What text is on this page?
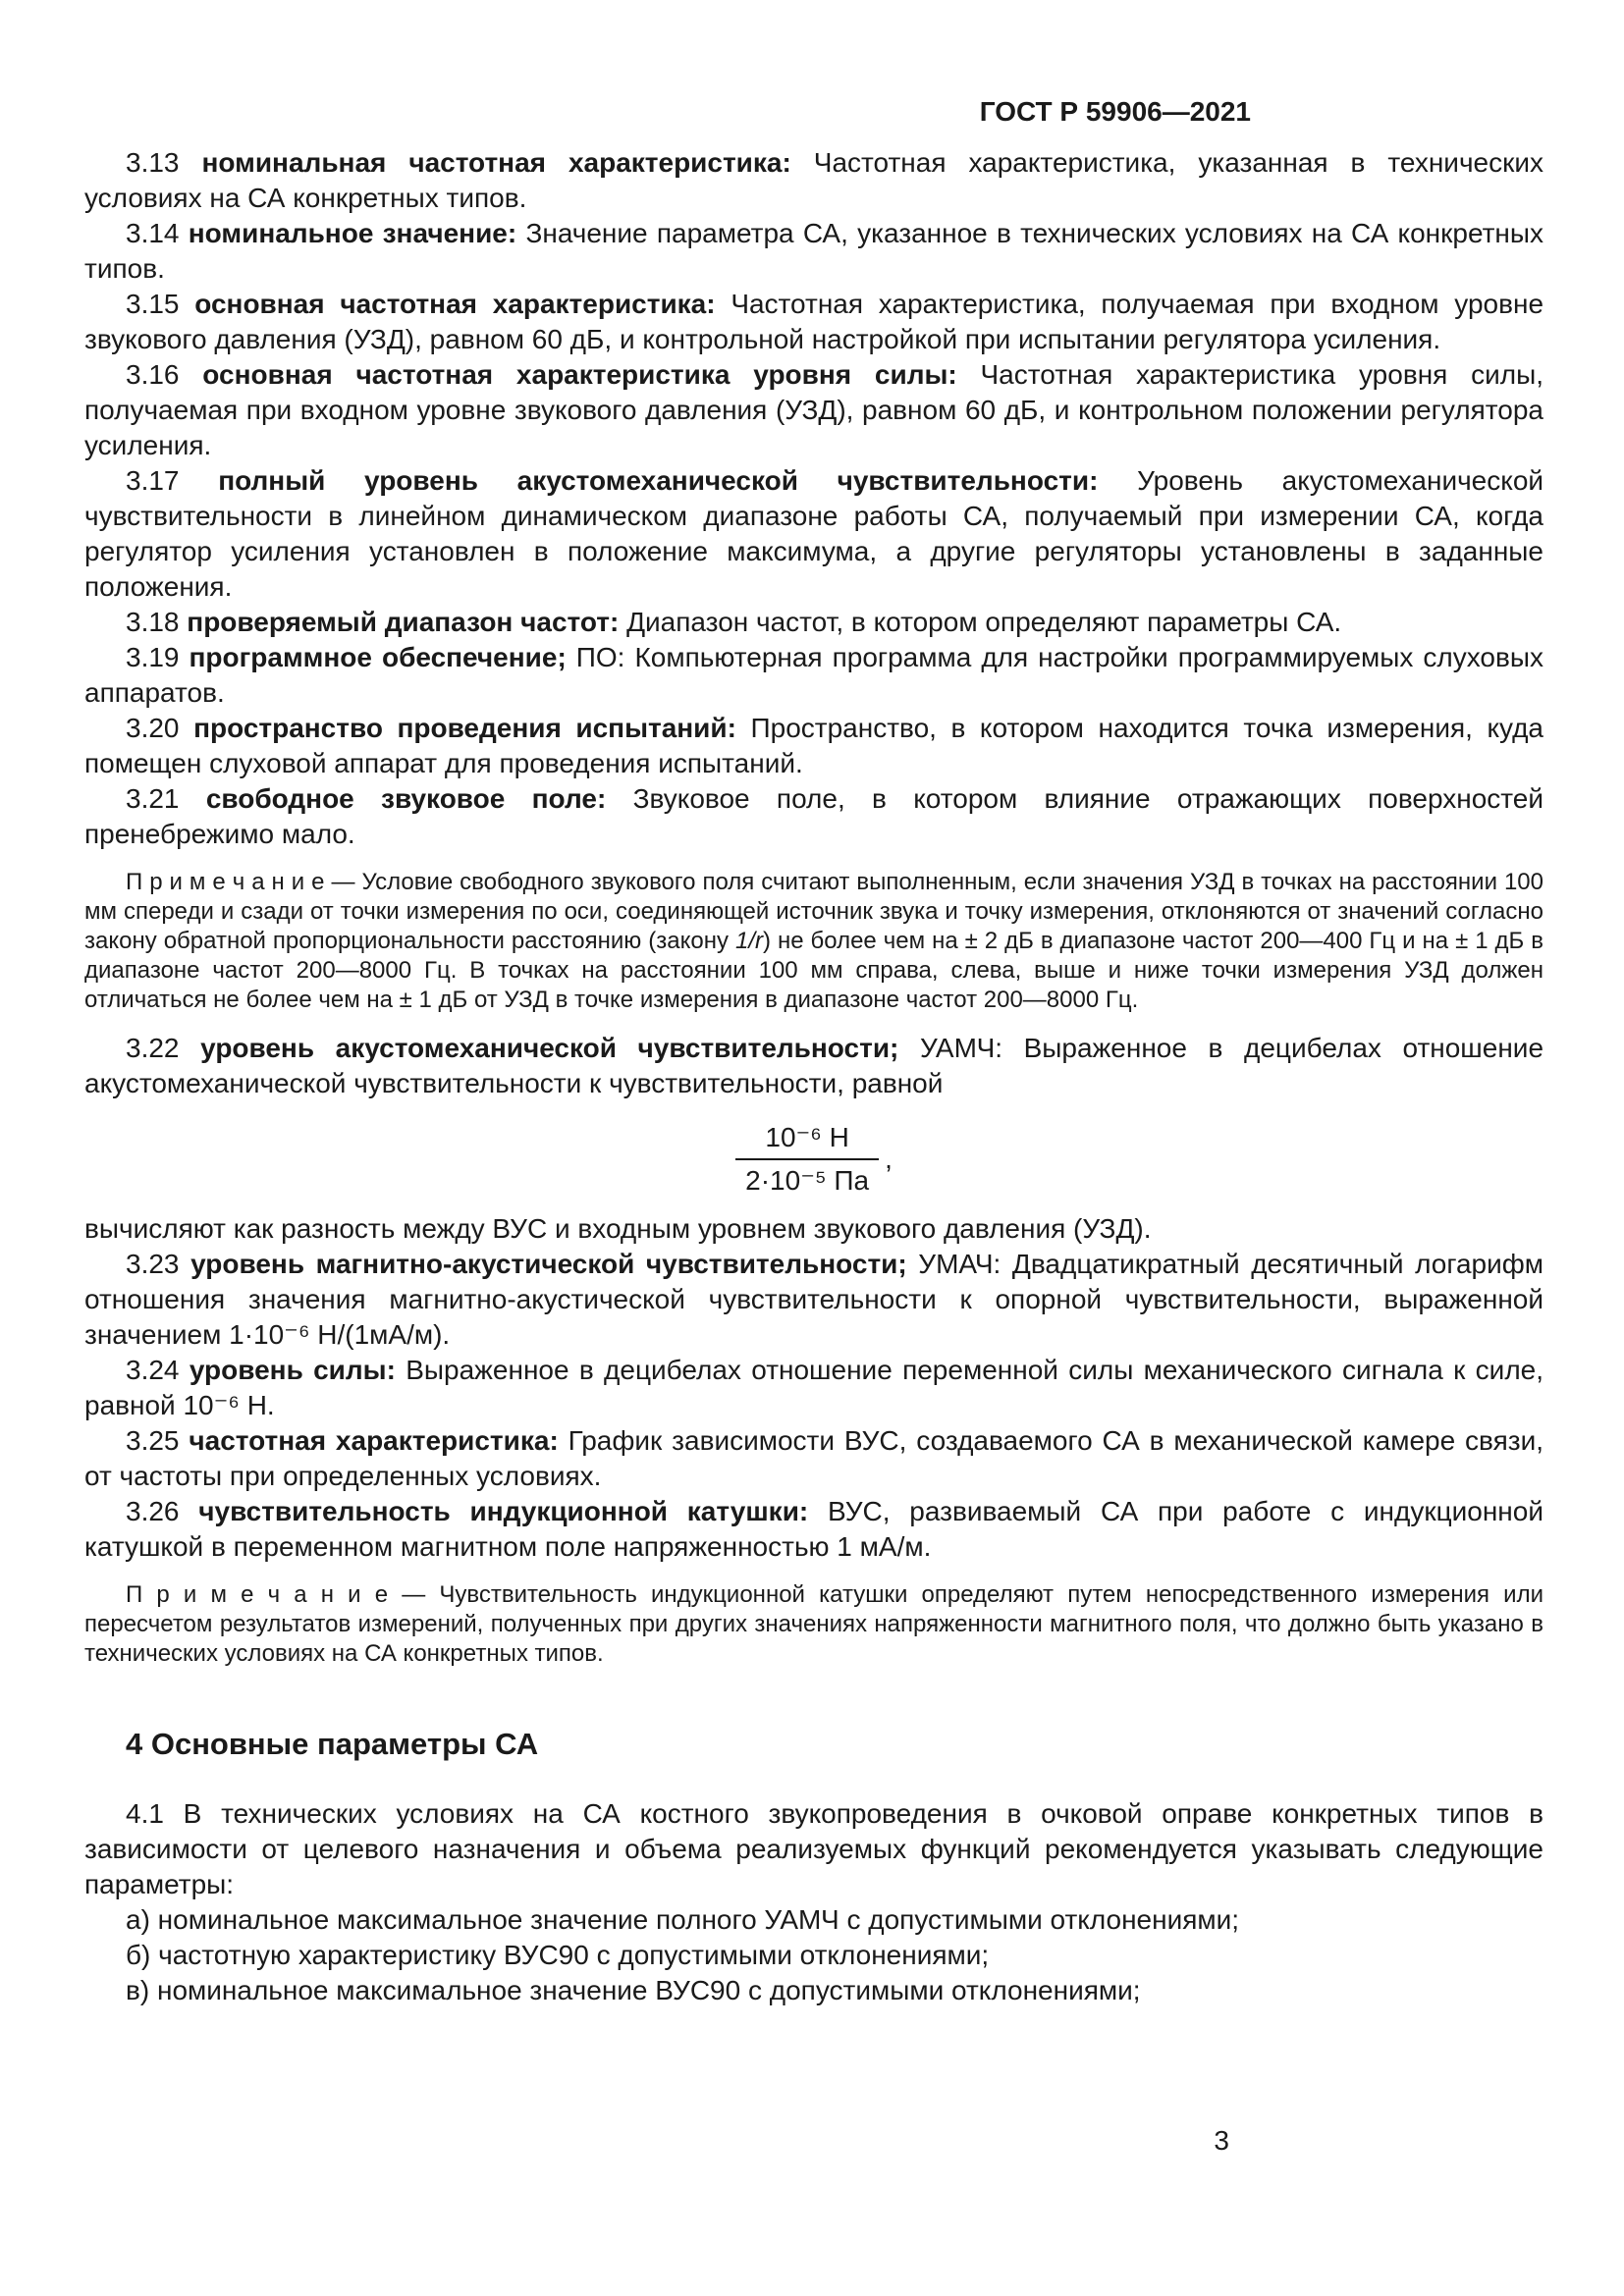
ГОСТ Р 59906—2021

3.13 номинальная частотная характеристика: Частотная характеристика, указанная в технических условиях на СА конкретных типов.

3.14 номинальное значение: Значение параметра СА, указанное в технических условиях на СА конкретных типов.

3.15 основная частотная характеристика: Частотная характеристика, получаемая при входном уровне звукового давления (УЗД), равном 60 дБ, и контрольной настройкой при испытании регулятора усиления.

3.16 основная частотная характеристика уровня силы: Частотная характеристика уровня силы, получаемая при входном уровне звукового давления (УЗД), равном 60 дБ, и контрольном положении регулятора усиления.

3.17 полный уровень акустомеханической чувствительности: Уровень акустомеханической чувствительности в линейном динамическом диапазоне работы СА, получаемый при измерении СА, когда регулятор усиления установлен в положение максимума, а другие регуляторы установлены в заданные положения.

3.18 проверяемый диапазон частот: Диапазон частот, в котором определяют параметры СА.

3.19 программное обеспечение; ПО: Компьютерная программа для настройки программируемых слуховых аппаратов.

3.20 пространство проведения испытаний: Пространство, в котором находится точка измерения, куда помещен слуховой аппарат для проведения испытаний.

3.21 свободное звуковое поле: Звуковое поле, в котором влияние отражающих поверхностей пренебрежимо мало.

П р и м е ч а н и е — Условие свободного звукового поля считают выполненным, если значения УЗД в точках на расстоянии 100 мм спереди и сзади от точки измерения по оси, соединяющей источник звука и точку измерения, отклоняются от значений согласно закону обратной пропорциональности расстоянию (закону 1/r) не более чем на ± 2 дБ в диапазоне частот 200—400 Гц и на ± 1 дБ в диапазоне частот 200—8000 Гц. В точках на расстоянии 100 мм справа, слева, выше и ниже точки измерения УЗД должен отличаться не более чем на ± 1 дБ от УЗД в точке измерения в диапазоне частот 200—8000 Гц.

3.22 уровень акустомеханической чувствительности; УАМЧ: Выраженное в децибелах отношение акустомеханической чувствительности к чувствительности, равной

$\frac{\text{10⁻⁶ Н}}{\text{2·10⁻⁵ Па}}$ ,

вычисляют как разность между ВУС и входным уровнем звукового давления (УЗД).

3.23 уровень магнитно-акустической чувствительности; УМАЧ: Двадцатикратный десятичный логарифм отношения значения магнитно-акустической чувствительности к опорной чувствительности, выраженной значением 1·10⁻⁶ Н/(1мА/м).

3.24 уровень силы: Выраженное в децибелах отношение переменной силы механического сигнала к силе, равной 10⁻⁶ Н.

3.25 частотная характеристика: График зависимости ВУС, создаваемого СА в механической камере связи, от частоты при определенных условиях.

3.26 чувствительность индукционной катушки: ВУС, развиваемый СА при работе с индукционной катушкой в переменном магнитном поле напряженностью 1 мА/м.

П р и м е ч а н и е — Чувствительность индукционной катушки определяют путем непосредственного измерения или пересчетом результатов измерений, полученных при других значениях напряженности магнитного поля, что должно быть указано в технических условиях на СА конкретных типов.

4 Основные параметры СА

4.1 В технических условиях на СА костного звукопроведения в очковой оправе конкретных типов в зависимости от целевого назначения и объема реализуемых функций рекомендуется указывать следующие параметры:

а) номинальное максимальное значение полного УАМЧ с допустимыми отклонениями;

б) частотную характеристику ВУС90 с допустимыми отклонениями;

в) номинальное максимальное значение ВУС90 с допустимыми отклонениями;

3
